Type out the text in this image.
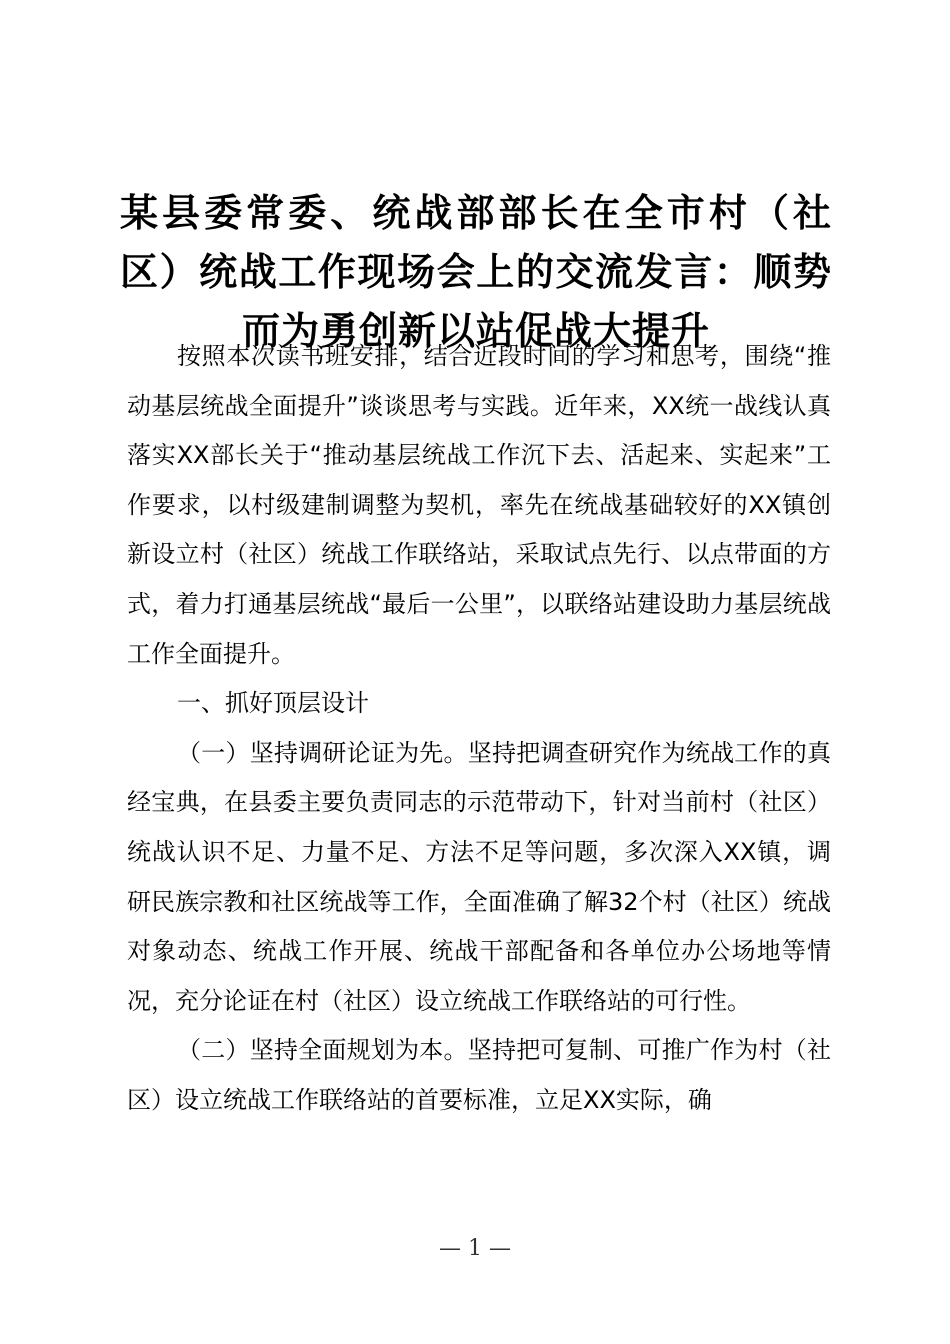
某县委常委、统战部部长在全市村（社区）统战工作现场会上的交流发言：顺势而为勇创新以站促战大提升

按照本次读书班安排，结合近段时间的学习和思考，围绕“推动基层统战全面提升”谈谈思考与实践。近年来，XX统一战线认真落实XX部长关于“推动基层统战工作沉下去、活起来、实起来”工作要求，以村级建制调整为契机，率先在统战基础较好的XX镇创新设立村（社区）统战工作联络站，采取试点先行、以点带面的方式，着力打通基层统战“最后一公里”，以联络站建设助力基层统战工作全面提升。

一、抓好顶层设计

（一）坚持调研论证为先。坚持把调查研究作为统战工作的真经宝典，在县委主要负责同志的示范带动下，针对当前村（社区）统战认识不足、力量不足、方法不足等问题，多次深入XX镇，调研民族宗教和社区统战等工作，全面准确了解32个村（社区）统战对象动态、统战工作开展、统战干部配备和各单位办公场地等情况，充分论证在村（社区）设立统战工作联络站的可行性。

（二）坚持全面规划为本。坚持把可复制、可推广作为村（社区）设立统战工作联络站的首要标准，立足XX实际，确

— 1 —
